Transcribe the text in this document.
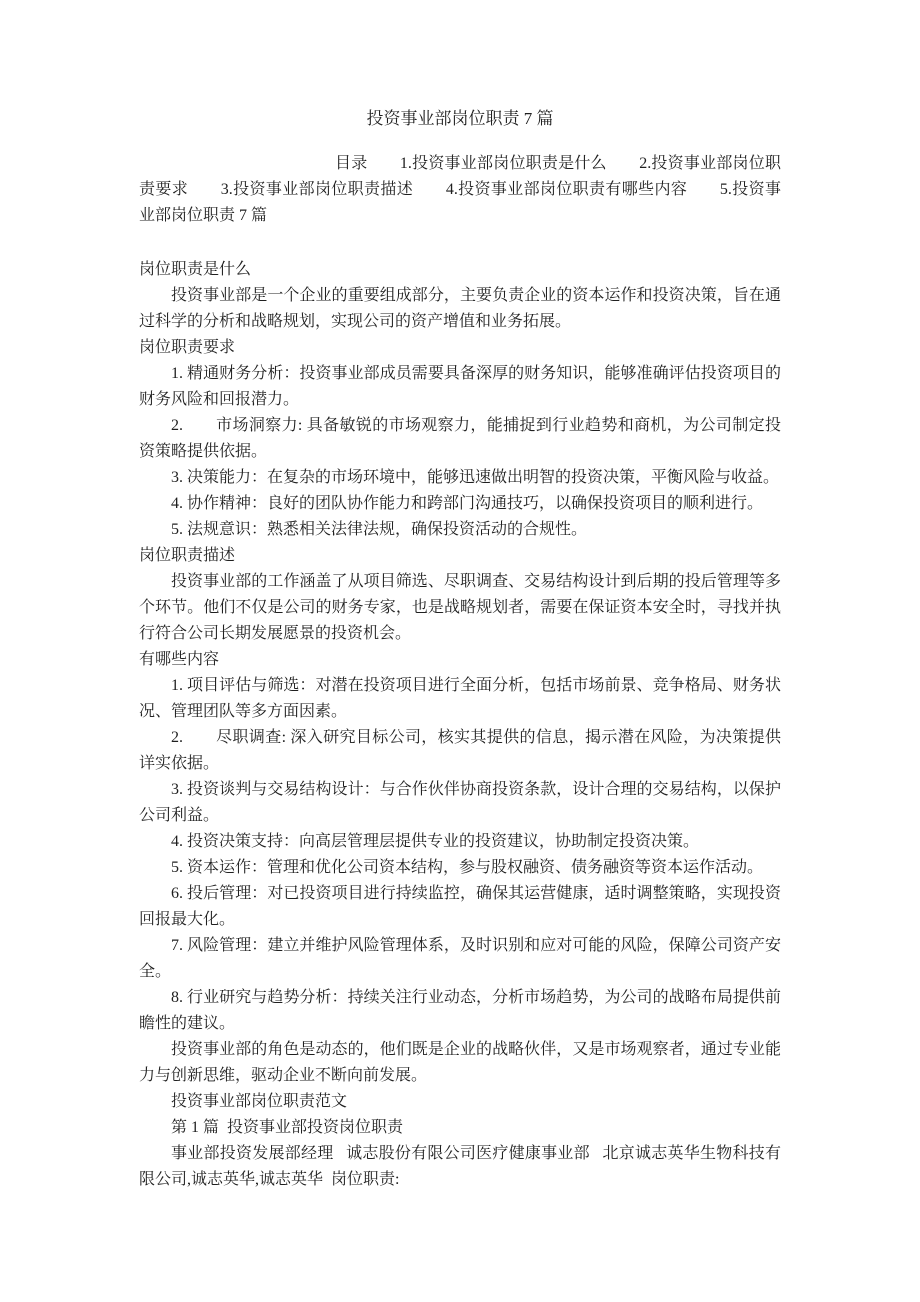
投资事业部岗位职责 7 篇

目录　　1.投资事业部岗位职责是什么　　2.投资事业部岗位职责要求　　3.投资事业部岗位职责描述　　4.投资事业部岗位职责有哪些内容　　5.投资事业部岗位职责 7 篇

岗位职责是什么

投资事业部是一个企业的重要组成部分，主要负责企业的资本运作和投资决策，旨在通过科学的分析和战略规划，实现公司的资产增值和业务拓展。

岗位职责要求

1. 精通财务分析：投资事业部成员需要具备深厚的财务知识，能够准确评估投资项目的财务风险和回报潜力。

2.　　市场洞察力: 具备敏锐的市场观察力，能捕捉到行业趋势和商机，为公司制定投资策略提供依据。

3. 决策能力：在复杂的市场环境中，能够迅速做出明智的投资决策，平衡风险与收益。

4. 协作精神：良好的团队协作能力和跨部门沟通技巧，以确保投资项目的顺利进行。

5. 法规意识：熟悉相关法律法规，确保投资活动的合规性。

岗位职责描述

投资事业部的工作涵盖了从项目筛选、尽职调查、交易结构设计到后期的投后管理等多个环节。他们不仅是公司的财务专家，也是战略规划者，需要在保证资本安全时，寻找并执行符合公司长期发展愿景的投资机会。

有哪些内容

1. 项目评估与筛选：对潜在投资项目进行全面分析，包括市场前景、竞争格局、财务状况、管理团队等多方面因素。

2.　　尽职调查: 深入研究目标公司，核实其提供的信息，揭示潜在风险，为决策提供详实依据。

3. 投资谈判与交易结构设计：与合作伙伴协商投资条款，设计合理的交易结构，以保护公司利益。

4. 投资决策支持：向高层管理层提供专业的投资建议，协助制定投资决策。

5. 资本运作：管理和优化公司资本结构，参与股权融资、债务融资等资本运作活动。

6. 投后管理：对已投资项目进行持续监控，确保其运营健康，适时调整策略，实现投资回报最大化。

7. 风险管理：建立并维护风险管理体系，及时识别和应对可能的风险，保障公司资产安全。

8. 行业研究与趋势分析：持续关注行业动态，分析市场趋势，为公司的战略布局提供前瞻性的建议。

投资事业部的角色是动态的，他们既是企业的战略伙伴，又是市场观察者，通过专业能力与创新思维，驱动企业不断向前发展。

投资事业部岗位职责范文

第 1 篇  投资事业部投资岗位职责

事业部投资发展部经理   诚志股份有限公司医疗健康事业部   北京诚志英华生物科技有限公司,诚志英华,诚志英华  岗位职责:
